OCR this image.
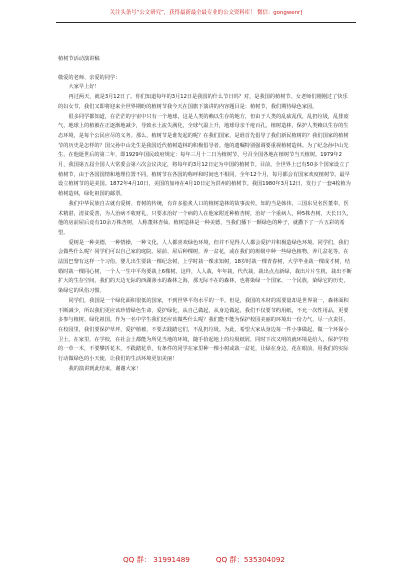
关注头条号“公文研究”，获得最新最全最专业的公文资料库！ 微信：gongwenr]

植树节活动演讲稿

敬爱的老师、亲爱的同学：

大家早上好！

再过两天，就是3月12日了。你们知道每年的3月12日是我国的什么节日吗？对，是我国的植树节。女老师们刚刚过了快乐的妇女节，我们又即将迎来全世界期盼的植树节我今天在国旗下演讲的内容题目是：植树节，我们期待绿色家园。

很多同学都知道，在茫茫的宇宙中只有一个地球，这是人类的赖以生存的地方，但由于人类的乱砍乱伐，乱扔垃圾，乱排废气，地球上的植被在正逐渐地减少，导致水土流失满化，全球气温上升，地球母亲千疮百孔。植树造林，保护人类赖以生存的生态环境，是每个公民应尽的义务。那么，植树节是谁发起的呢？在我们国家，是谁首先倡导了我们新民植树的？我们国家的植树节的历史是怎样的？国父孙中山先生是我国近代植树造林的积极倡导者。他的遗嘱特别强调要重视植树造林。为了纪念孙中山先生，在他逝世后的第二年，即1929年国民政府规定：每年三月十二日为植树节，号召全国各地在植树节当天植树。1979年2月，我国第五届全国人大常委会第六次会议决定，将每年的3月12日定为中国的植树节。目前，全世界上已有50多个国家设立了植树节，由于各国国情和地理位置不同，植树节在各国的称呼和时间也不相同，全年12个月，每月都会有国家欢度植树节。最早设立植树节的是美国。1872年4月10日，美国的加州在4月10日定为洪州的植树节。我国1980年3月12日，发行了一套4枚植为植树造林，绿化祖国的邮票。

我们中华民族自古就有爱树、育树的传统，有许多脍炙人口的植树造林的故事流传。知的当是韩伟，三国东吴名医董奉，医术精湛，清贫爱善，为人治病不收财礼，只要求治好一个病的人在他家附近种植杏树，治好一个重病人，种5株杏树，天长日久，他的房前屋后竟有10余万株杏树，人称董林杏仙。植树造林是一种美德，当我们播下一颗绿色的种子，就撒下了一片五彩的希望。

爱树是一种美德，一种情操，一种文化，人人都喜欢绿色环境，但并不见得人人都会爱护并积极造绿色环境。同学们，我们会做些什么呢？同学们可以自己家的庭院、屋前、屋后种棵树，养一盆花，或在我们的班级中种一些绿色植物，养几盆花等。在法国巴黎有这样一个习俗，婴儿出生要栽一棵纪念树，上学时栽一棵求知树，18岁时栽一棵青春树，大学毕业栽一棵成才树，结婚时栽一棵同心树，一个人一生中平均要栽上6棵树。这样，人人栽，年年栽，代代栽，栽出点点新绿，栽出片片生机，栽出不断扩大的生存空间，我们的天边无际的西湖渗水的森林之海，那无际不在的森林，也将染绿一个国家，一个民族，染绿它的历史，染绿它的风俗习惯。

同学们，我国是一个绿化面积很低的国家，不到世界平均水平的一半。但是，我国的木材的需要量却是世界第一，森林面积不断减少，所以我们更应该珍惜绿色生命，爱护绿化，从自己做起，从身边做起，我们不仅要节约用纸，不允一次性用品，更要多参与植树、绿化祖国。作为一名中学生我们还应该做些什么呢？我们能不能为保护校园美丽的环境出一份力气，尽一点责任，在校园里，我们要保护草坪，爱护植被，不要去践踏它们，不乱扔垃圾。为此，希望大家从身边每一件小事做起，做一个环保小卫士。在家里，在学校，在社会上都能为所见当地的环境，随手拾起地上的垃圾纸屑，同时下次又明的就环境是给人，保护学校的一草一木，不要攀折花木，不践踏花草，有条件的同学在家里种一棵小树或栽一盆花，让绿在身边，花在眼前，用我们的实际行动做绿色的小天使，让我们的生活环境更加美丽！

我的演讲到此结束，谢谢大家！

QQ 群： 31991489	QQ 群：535304092
